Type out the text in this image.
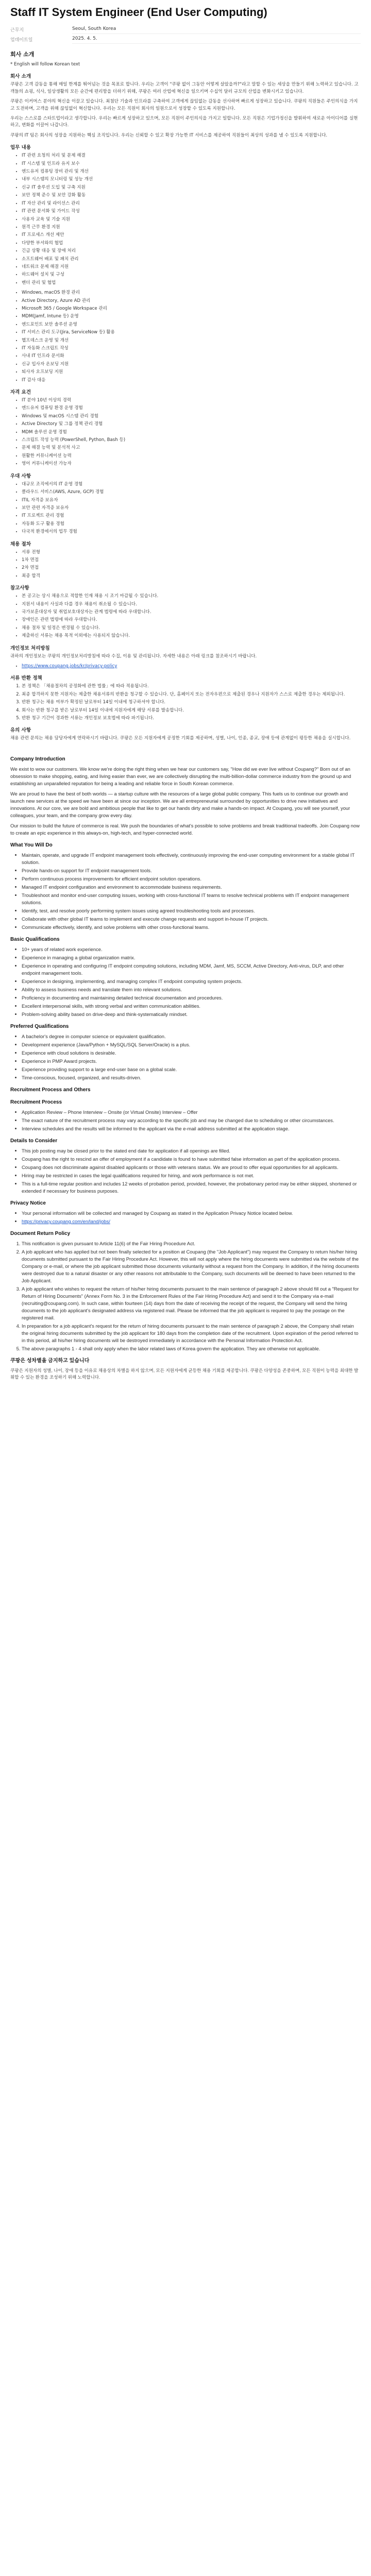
Staff IT System Engineer (End User Computing)
근무지	Seoul, South Korea
업데이트일	2025. 4. 5.
회사 소개

* English will follow Korean text

회사 소개

쿠팡은 고객 감동을 통해 매일 한계를 뛰어넘는 것을 목표로 합니다. 우리는 고객이 "쿠팡 없이 그동안 어떻게 살았을까?"라고 말할 수 있는 세상을 만들기 위해 노력하고 있습니다. 고객들의 쇼핑, 식사, 일상생활의 모든 순간에 편리함을 더하기 위해, 쿠팡은 여러 산업에 혁신을 일으키며 수십억 달러 규모의 산업을 변화시키고 있습니다.

쿠팡은 이커머스 분야의 혁신을 이끌고 있습니다. 최첨단 기술과 인프라를 구축하여 고객에게 끊임없는 감동을 선사하며 빠르게 성장하고 있습니다. 쿠팡의 직원들은 주인의식을 가지고 도전하며, 고객을 위해 끊임없이 혁신합니다. 우리는 모든 직원이 회사의 일원으로서 성장할 수 있도록 지원합니다.

우리는 스스로를 스타트업이라고 생각합니다. 우리는 빠르게 성장하고 있으며, 모든 직원이 주인의식을 가지고 일합니다. 모든 직원은 기업가정신을 발휘하여 새로운 아이디어를 실현하고, 변화를 이끌어 나갑니다.

쿠팡의 IT 팀은 회사의 성장을 지원하는 핵심 조직입니다. 우리는 신뢰할 수 있고 확장 가능한 IT 서비스를 제공하여 직원들이 최상의 성과를 낼 수 있도록 지원합니다.

업무 내용
• IT 관련 요청의 처리 및 문제 해결
• IT 시스템 및 인프라 유지 보수
• 엔드유저 컴퓨팅 장비 관리 및 개선
• 내부 시스템의 모니터링 및 성능 개선
• 신규 IT 솔루션 도입 및 구축 지원
• 보안 정책 준수 및 보안 강화 활동
• IT 자산 관리 및 라이선스 관리
• IT 관련 문서화 및 가이드 작성
• 사용자 교육 및 기술 지원
• 원격 근무 환경 지원
• IT 프로세스 개선 제안
• 다양한 부서와의 협업
• 긴급 상황 대응 및 장애 처리
• 소프트웨어 배포 및 패치 관리
• 네트워크 문제 해결 지원
• 하드웨어 설치 및 구성
• 벤더 관리 및 협업
• Windows, macOS 환경 관리
• Active Directory, Azure AD 관리
• Microsoft 365 / Google Workspace 관리
• MDM(Jamf, Intune 등) 운영
• 엔드포인트 보안 솔루션 운영
• IT 서비스 관리 도구(Jira, ServiceNow 등) 활용
• 헬프데스크 운영 및 개선
• IT 자동화 스크립트 작성
• 사내 IT 인프라 문서화
• 신규 입사자 온보딩 지원
• 퇴사자 오프보딩 지원
• IT 감사 대응
자격 요건
• IT 분야 10년 이상의 경력
• 엔드유저 컴퓨팅 환경 운영 경험
• Windows 및 macOS 시스템 관리 경험
• Active Directory 및 그룹 정책 관리 경험
• MDM 솔루션 운영 경험
• 스크립트 작성 능력 (PowerShell, Python, Bash 등)
• 문제 해결 능력 및 분석적 사고
• 원활한 커뮤니케이션 능력
• 영어 커뮤니케이션 가능자
우대 사항
• 대규모 조직에서의 IT 운영 경험
• 클라우드 서비스(AWS, Azure, GCP) 경험
• ITIL 자격증 보유자
• 보안 관련 자격증 보유자
• IT 프로젝트 관리 경험
• 자동화 도구 활용 경험
• 다국적 환경에서의 업무 경험
채용 절차
• 서류 전형
• 1차 면접
• 2차 면접
• 최종 합격
참고사항
• 본 공고는 상시 채용으로 적합한 인재 채용 시 조기 마감될 수 있습니다.
• 지원서 내용이 사실과 다를 경우 채용이 취소될 수 있습니다.
• 국가보훈대상자 및 취업보호대상자는 관계 법령에 따라 우대합니다.
• 장애인은 관련 법령에 따라 우대합니다.
• 채용 절차 및 일정은 변경될 수 있습니다.
• 제출하신 서류는 채용 목적 이외에는 사용되지 않습니다.
개인정보 처리방침

귀하의 개인정보는 쿠팡의 개인정보처리방침에 따라 수집, 이용 및 관리됩니다. 자세한 내용은 아래 링크를 참조하시기 바랍니다.

• https://www.coupang.jobs/kr/privacy-policy
서류 반환 정책
1. 본 정책은 「채용절차의 공정화에 관한 법률」에 따라 적용됩니다.
2. 최종 합격하지 못한 지원자는 제출한 채용서류의 반환을 청구할 수 있습니다. 단, 홈페이지 또는 전자우편으로 제출된 경우나 지원자가 스스로 제출한 경우는 제외됩니다.
3. 반환 청구는 채용 여부가 확정된 날로부터 14일 이내에 청구하셔야 합니다.
4. 회사는 반환 청구를 받은 날로부터 14일 이내에 지원자에게 해당 서류를 발송합니다.
5. 반환 청구 기간이 경과한 서류는 개인정보 보호법에 따라 파기됩니다.
유의 사항

채용 관련 문의는 채용 담당자에게 연락하시기 바랍니다. 쿠팡은 모든 지원자에게 공정한 기회를 제공하며, 성별, 나이, 인종, 종교, 장애 등에 관계없이 평등한 채용을 실시합니다.

Company Introduction

We exist to wow our customers. We know we're doing the right thing when we hear our customers say, "How did we ever live without Coupang?" Born out of an obsession to make shopping, eating, and living easier than ever, we are collectively disrupting the multi-billion-dollar commerce industry from the ground up and establishing an unparalleled reputation for being a leading and reliable force in South Korean commerce.

We are proud to have the best of both worlds — a startup culture with the resources of a large global public company. This fuels us to continue our growth and launch new services at the speed we have been at since our inception. We are all entrepreneurial surrounded by opportunities to drive new initiatives and innovations. At our core, we are bold and ambitious people that like to get our hands dirty and make a hands-on impact. At Coupang, you will see yourself, your colleagues, your team, and the company grow every day.

Our mission to build the future of commerce is real. We push the boundaries of what's possible to solve problems and break traditional tradeoffs. Join Coupang now to create an epic experience in this always-on, high-tech, and hyper-connected world.

What You Will Do
• Maintain, operate, and upgrade IT endpoint management tools effectively, continuously improving the end-user computing environment for a stable global IT solution.
• Provide hands-on support for IT endpoint management tools.
• Perform continuous process improvements for efficient endpoint solution operations.
• Managed IT endpoint configuration and environment to accommodate business requirements.
• Troubleshoot and monitor end-user computing issues, working with cross-functional IT teams to resolve technical problems with IT endpoint management solutions.
• Identify, test, and resolve poorly performing system issues using agreed troubleshooting tools and processes.
• Collaborate with other global IT teams to implement and execute change requests and support in-house IT projects.
• Communicate effectively, identify, and solve problems with other cross-functional teams.
Basic Qualifications
• 10+ years of related work experience.
• Experience in managing a global organization matrix.
• Experience in operating and configuring IT endpoint computing solutions, including MDM, Jamf, MS, SCCM, Active Directory, Anti-virus, DLP, and other endpoint management tools.
• Experience in designing, implementing, and managing complex IT endpoint computing system projects.
• Ability to assess business needs and translate them into relevant solutions.
• Proficiency in documenting and maintaining detailed technical documentation and procedures.
• Excellent interpersonal skills, with strong verbal and written communication abilities.
• Problem-solving ability based on drive-deep and think-systematically mindset.
Preferred Qualifications
• A bachelor's degree in computer science or equivalent qualification.
• Development experience (Java/Python + MySQL/SQL Server/Oracle) is a plus.
• Experience with cloud solutions is desirable.
• Experience in PMP Award projects.
• Experience providing support to a large end-user base on a global scale.
• Time-conscious, focused, organized, and results-driven.
Recruitment Process and Others
Recruitment Process
• Application Review – Phone Interview – Onsite (or Virtual Onsite) Interview – Offer
• The exact nature of the recruitment process may vary according to the specific job and may be changed due to scheduling or other circumstances.
• Interview schedules and the results will be informed to the applicant via the e-mail address submitted at the application stage.
Details to Consider
• This job posting may be closed prior to the stated end date for application if all openings are filled.
• Coupang has the right to rescind an offer of employment if a candidate is found to have submitted false information as part of the application process.
• Coupang does not discriminate against disabled applicants or those with veterans status. We are proud to offer equal opportunities for all applicants.
• Hiring may be restricted in cases the legal qualifications required for hiring, and work performance is not met.
• This is a full-time regular position and includes 12 weeks of probation period, provided, however, the probationary period may be either skipped, shortened or extended if necessary for business purposes.
Privacy Notice
• Your personal information will be collected and managed by Coupang as stated in the Application Privacy Notice located below.
• https://privacy.coupang.com/en/land/jobs/
Document Return Policy
1. This notification is given pursuant to Article 11(6) of the Fair Hiring Procedure Act.
2. A job applicant who has applied but not been finally selected for a position at Coupang (the "Job Applicant") may request the Company to return his/her hiring documents submitted pursuant to the Fair Hiring Procedure Act. However, this will not apply where the hiring documents were submitted via the website of the Company or e-mail, or where the job applicant submitted those documents voluntarily without a request from the Company. In addition, if the hiring documents were destroyed due to a natural disaster or any other reasons not attributable to the Company, such documents will be deemed to have been returned to the Job Applicant.
3. A job applicant who wishes to request the return of his/her hiring documents pursuant to the main sentence of paragraph 2 above should fill out a "Request for Return of Hiring Documents" (Annex Form No. 3 in the Enforcement Rules of the Fair Hiring Procedure Act) and send it to the Company via e-mail (recruiting@coupang.com). In such case, within fourteen (14) days from the date of receiving the receipt of the request, the Company will send the hiring documents to the job applicant's designated address via registered mail. Please be informed that the job applicant is required to pay the postage on the registered mail.
4. In preparation for a job applicant's request for the return of hiring documents pursuant to the main sentence of paragraph 2 above, the Company shall retain the original hiring documents submitted by the job applicant for 180 days from the completion date of the recruitment. Upon expiration of the period referred to in this period, all his/her hiring documents will be destroyed immediately in accordance with the Personal Information Protection Act.
5. The above paragraphs 1 - 4 shall only apply when the labor related laws of Korea govern the application. They are otherwise not applicable.
쿠팡은 성차별을 금지하고 있습니다

쿠팡은 지원자의 성별, 나이, 장애 등을 이유로 채용상의 차별을 하지 않으며, 모든 지원자에게 균등한 채용 기회를 제공합니다. 쿠팡은 다양성을 존중하며, 모든 직원이 능력을 최대한 발휘할 수 있는 환경을 조성하기 위해 노력합니다.
